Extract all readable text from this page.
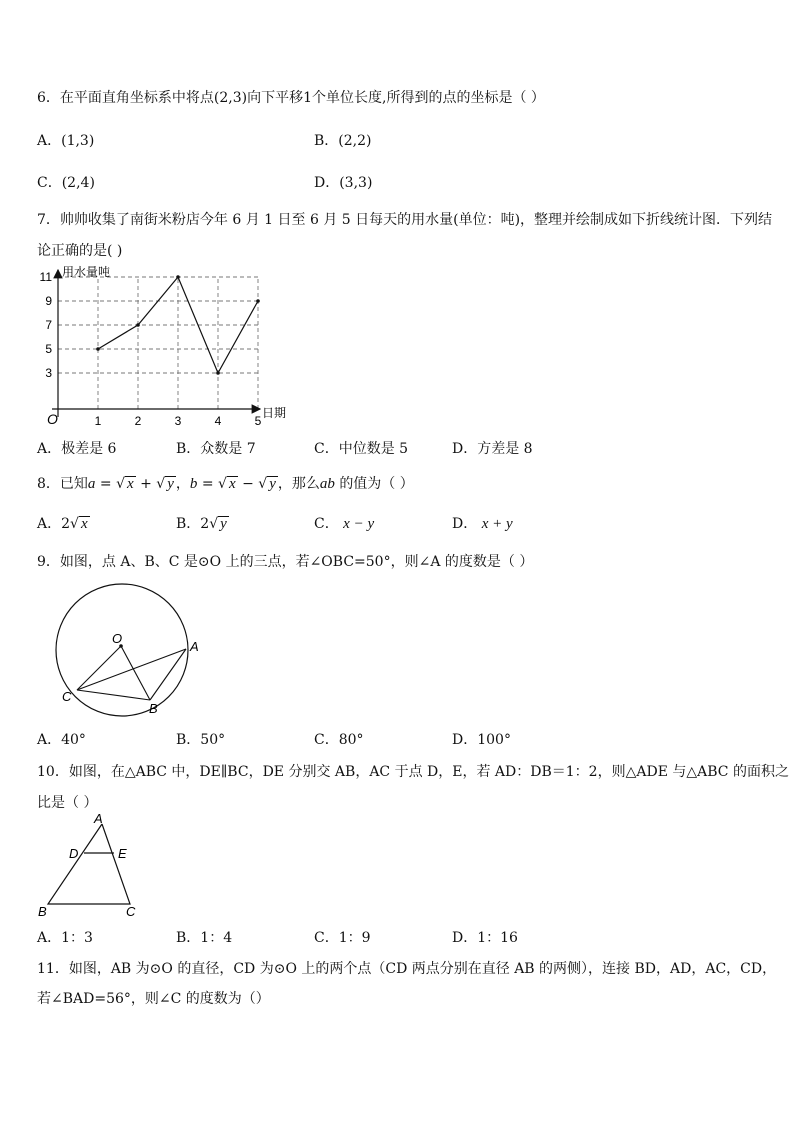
6．在平面直角坐标系中将点(2,3)向下平移1个单位长度,所得到的点的坐标是（ ）
A．(1,3)	B．(2,2)
C．(2,4)	D．(3,3)
7．帅帅收集了南街米粉店今年 6 月 1 日至 6 月 5 日每天的用水量(单位：吨)，整理并绘制成如下折线统计图．下列结
论正确的是( )
用水量吨
日期
O
3
5
7
9
11
1	2	3	4	5
A．极差是 6	B．众数是 7	C．中位数是 5	D．方差是 8
8．已知a = √ x + √ y ，b = √ x − √ y ，那么ab 的值为（ ）
A．2√ x	B．2√ y	C． x − y	D． x + y
9．如图，点 A、B、C 是⊙O 上的三点，若∠OBC=50°，则∠A 的度数是（ ）
O
A
B
C
A．40°	B．50°	C．80°	D．100°
10．如图，在△ABC 中，DE∥BC，DE 分别交 AB，AC 于点 D，E，若 AD：DB＝1：2，则△ADE 与△ABC 的面积之
比是（ ）
A
D	E
B	C
A．1：3	B．1：4	C．1：9	D．1：16
11．如图，AB 为⊙O 的直径，CD 为⊙O 上的两个点（CD 两点分别在直径 AB 的两侧），连接 BD，AD，AC，CD，
若∠BAD=56°，则∠C 的度数为（）
